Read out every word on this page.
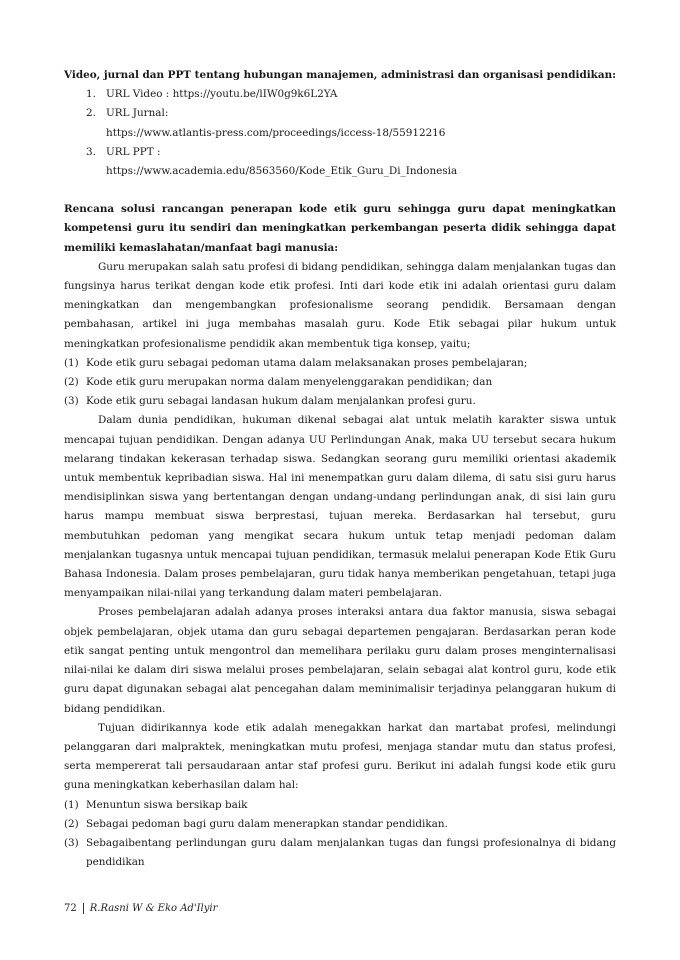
Video, jurnal dan PPT tentang hubungan manajemen, administrasi dan organisasi pendidikan:

1. URL Video : https://youtu.be/lIW0g9k6L2YA
2. URL Jurnal:
https://www.atlantis-press.com/proceedings/iccess-18/55912216
3. URL PPT :
https://www.academia.edu/8563560/Kode_Etik_Guru_Di_Indonesia

Rencana solusi rancangan penerapan kode etik guru sehingga guru dapat meningkatkan kompetensi guru itu sendiri dan meningkatkan perkembangan peserta didik sehingga dapat memiliki kemaslahatan/manfaat bagi manusia:

Guru merupakan salah satu profesi di bidang pendidikan, sehingga dalam menjalankan tugas dan fungsinya harus terikat dengan kode etik profesi. Inti dari kode etik ini adalah orientasi guru dalam meningkatkan dan mengembangkan profesionalisme seorang pendidik. Bersamaan dengan pembahasan, artikel ini juga membahas masalah guru. Kode Etik sebagai pilar hukum untuk meningkatkan profesionalisme pendidik akan membentuk tiga konsep, yaitu;

(1) Kode etik guru sebagai pedoman utama dalam melaksanakan proses pembelajaran;
(2) Kode etik guru merupakan norma dalam menyelenggarakan pendidikan; dan
(3) Kode etik guru sebagai landasan hukum dalam menjalankan profesi guru.

Dalam dunia pendidikan, hukuman dikenal sebagai alat untuk melatih karakter siswa untuk mencapai tujuan pendidikan. Dengan adanya UU Perlindungan Anak, maka UU tersebut secara hukum melarang tindakan kekerasan terhadap siswa. Sedangkan seorang guru memiliki orientasi akademik untuk membentuk kepribadian siswa. Hal ini menempatkan guru dalam dilema, di satu sisi guru harus mendisiplinkan siswa yang bertentangan dengan undang-undang perlindungan anak, di sisi lain guru harus mampu membuat siswa berprestasi, tujuan mereka. Berdasarkan hal tersebut, guru membutuhkan pedoman yang mengikat secara hukum untuk tetap menjadi pedoman dalam menjalankan tugasnya untuk mencapai tujuan pendidikan, termasuk melalui penerapan Kode Etik Guru Bahasa Indonesia. Dalam proses pembelajaran, guru tidak hanya memberikan pengetahuan, tetapi juga menyampaikan nilai-nilai yang terkandung dalam materi pembelajaran.

Proses pembelajaran adalah adanya proses interaksi antara dua faktor manusia, siswa sebagai objek pembelajaran, objek utama dan guru sebagai departemen pengajaran. Berdasarkan peran kode etik sangat penting untuk mengontrol dan memelihara perilaku guru dalam proses menginternalisasi nilai-nilai ke dalam diri siswa melalui proses pembelajaran, selain sebagai alat kontrol guru, kode etik guru dapat digunakan sebagai alat pencegahan dalam meminimalisir terjadinya pelanggaran hukum di bidang pendidikan.

Tujuan didirikannya kode etik adalah menegakkan harkat dan martabat profesi, melindungi pelanggaran dari malpraktek, meningkatkan mutu profesi, menjaga standar mutu dan status profesi, serta mempererat tali persaudaraan antar staf profesi guru. Berikut ini adalah fungsi kode etik guru guna meningkatkan keberhasilan dalam hal:

(1) Menuntun siswa bersikap baik
(2) Sebagai pedoman bagi guru dalam menerapkan standar pendidikan.
(3) Sebagaibentang perlindungan guru dalam menjalankan tugas dan fungsi profesionalnya di bidang pendidikan
72 R.Rasni W & Eko Ad'Ilyir
